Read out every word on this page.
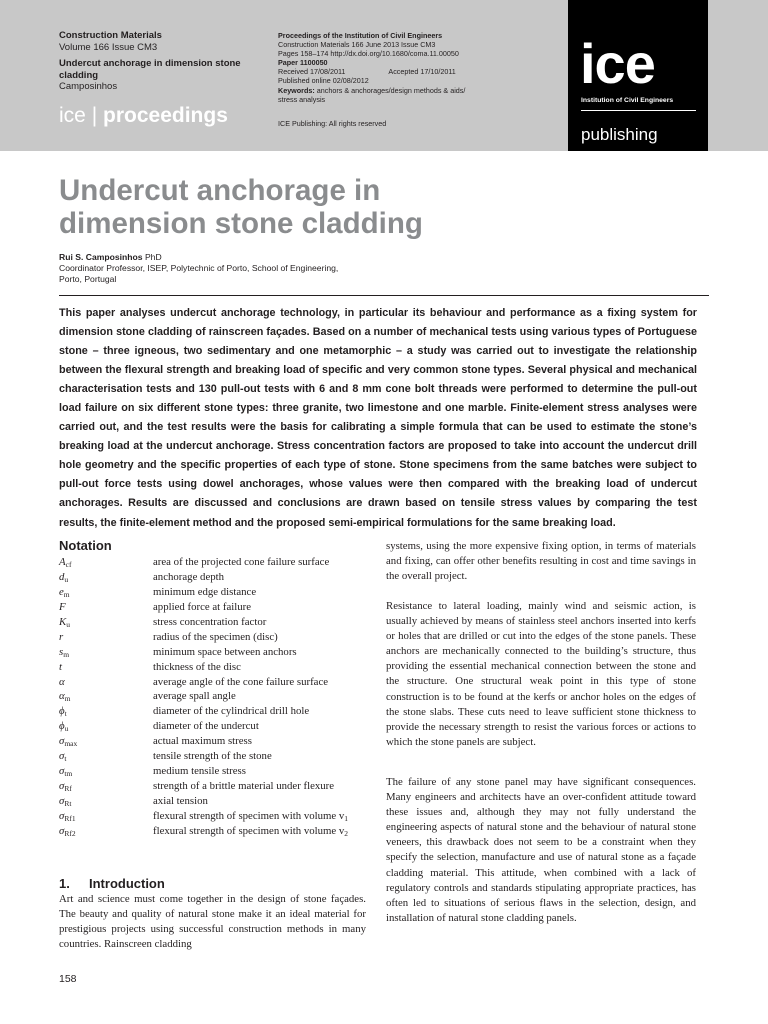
Construction Materials
Volume 166 Issue CM3
Undercut anchorage in dimension stone cladding
Camposinhos
ice | proceedings
Proceedings of the Institution of Civil Engineers
Construction Materials 166 June 2013 Issue CM3
Pages 158–174 http://dx.doi.org/10.1680/coma.11.00050
Paper 1100050
Received 17/08/2011	Accepted 17/10/2011
Published online 02/08/2012
Keywords: anchors & anchorages/design methods & aids/
stress analysis
ICE Publishing: All rights reserved
ice
Institution of Civil Engineers
publishing
Undercut anchorage in
dimension stone cladding
Rui S. Camposinhos PhD
Coordinator Professor, ISEP, Polytechnic of Porto, School of Engineering,
Porto, Portugal
This paper analyses undercut anchorage technology, in particular its behaviour and performance as a fixing system for dimension stone cladding of rainscreen façades. Based on a number of mechanical tests using various types of Portuguese stone – three igneous, two sedimentary and one metamorphic – a study was carried out to investigate the relationship between the flexural strength and breaking load of specific and very common stone types. Several physical and mechanical characterisation tests and 130 pull-out tests with 6 and 8 mm cone bolt threads were performed to determine the pull-out load failure on six different stone types: three granite, two limestone and one marble. Finite-element stress analyses were carried out, and the test results were the basis for calibrating a simple formula that can be used to estimate the stone’s breaking load at the undercut anchorage. Stress concentration factors are proposed to take into account the undercut drill hole geometry and the specific properties of each type of stone. Stone specimens from the same batches were subject to pull-out force tests using dowel anchorages, whose values were then compared with the breaking load of undercut anchorages. Results are discussed and conclusions are drawn based on tensile stress values by comparing the test results, the finite-element method and the proposed semi-empirical formulations for the same breaking load.
Notation
$A_{cf}$	area of the projected cone failure surface
$d_u$	anchorage depth
$e_m$	minimum edge distance
F	applied force at failure
$K_u$	stress concentration factor
r	radius of the specimen (disc)
$s_m$	minimum space between anchors
t	thickness of the disc
α	average angle of the cone failure surface
$\alpha_m$	average spall angle
$\phi_t$	diameter of the cylindrical drill hole
$\phi_u$	diameter of the undercut
$\sigma_{max}$	actual maximum stress
$\sigma_t$	tensile strength of the stone
$\sigma_{tm}$	medium tensile stress
$\sigma_{Rf}$	strength of a brittle material under flexure
$\sigma_{Rt}$	axial tension
$\sigma_{Rf1}$	flexural strength of specimen with volume $v_1$
$\sigma_{Rf2}$	flexural strength of specimen with volume $v_2$
1. Introduction
Art and science must come together in the design of stone façades. The beauty and quality of natural stone make it an ideal material for prestigious projects using successful construction methods in many countries. Rainscreen cladding
systems, using the more expensive fixing option, in terms of materials and fixing, can offer other benefits resulting in cost and time savings in the overall project.
Resistance to lateral loading, mainly wind and seismic action, is usually achieved by means of stainless steel anchors inserted into kerfs or holes that are drilled or cut into the edges of the stone panels. These anchors are mechanically connected to the building’s structure, thus providing the essential mechanical connection between the stone and the structure. One structural weak point in this type of stone construction is to be found at the kerfs or anchor holes on the edges of the stone slabs. These cuts need to leave sufficient stone thickness to provide the necessary strength to resist the various forces or actions to which the stone panels are subject.
The failure of any stone panel may have significant consequences. Many engineers and architects have an over-confident attitude toward these issues and, although they may not fully understand the engineering aspects of natural stone and the behaviour of natural stone veneers, this drawback does not seem to be a constraint when they specify the selection, manufacture and use of natural stone as a façade cladding material. This attitude, when combined with a lack of regulatory controls and standards stipulating appropriate practices, has often led to situations of serious flaws in the selection, design, and installation of natural stone cladding panels.
158
